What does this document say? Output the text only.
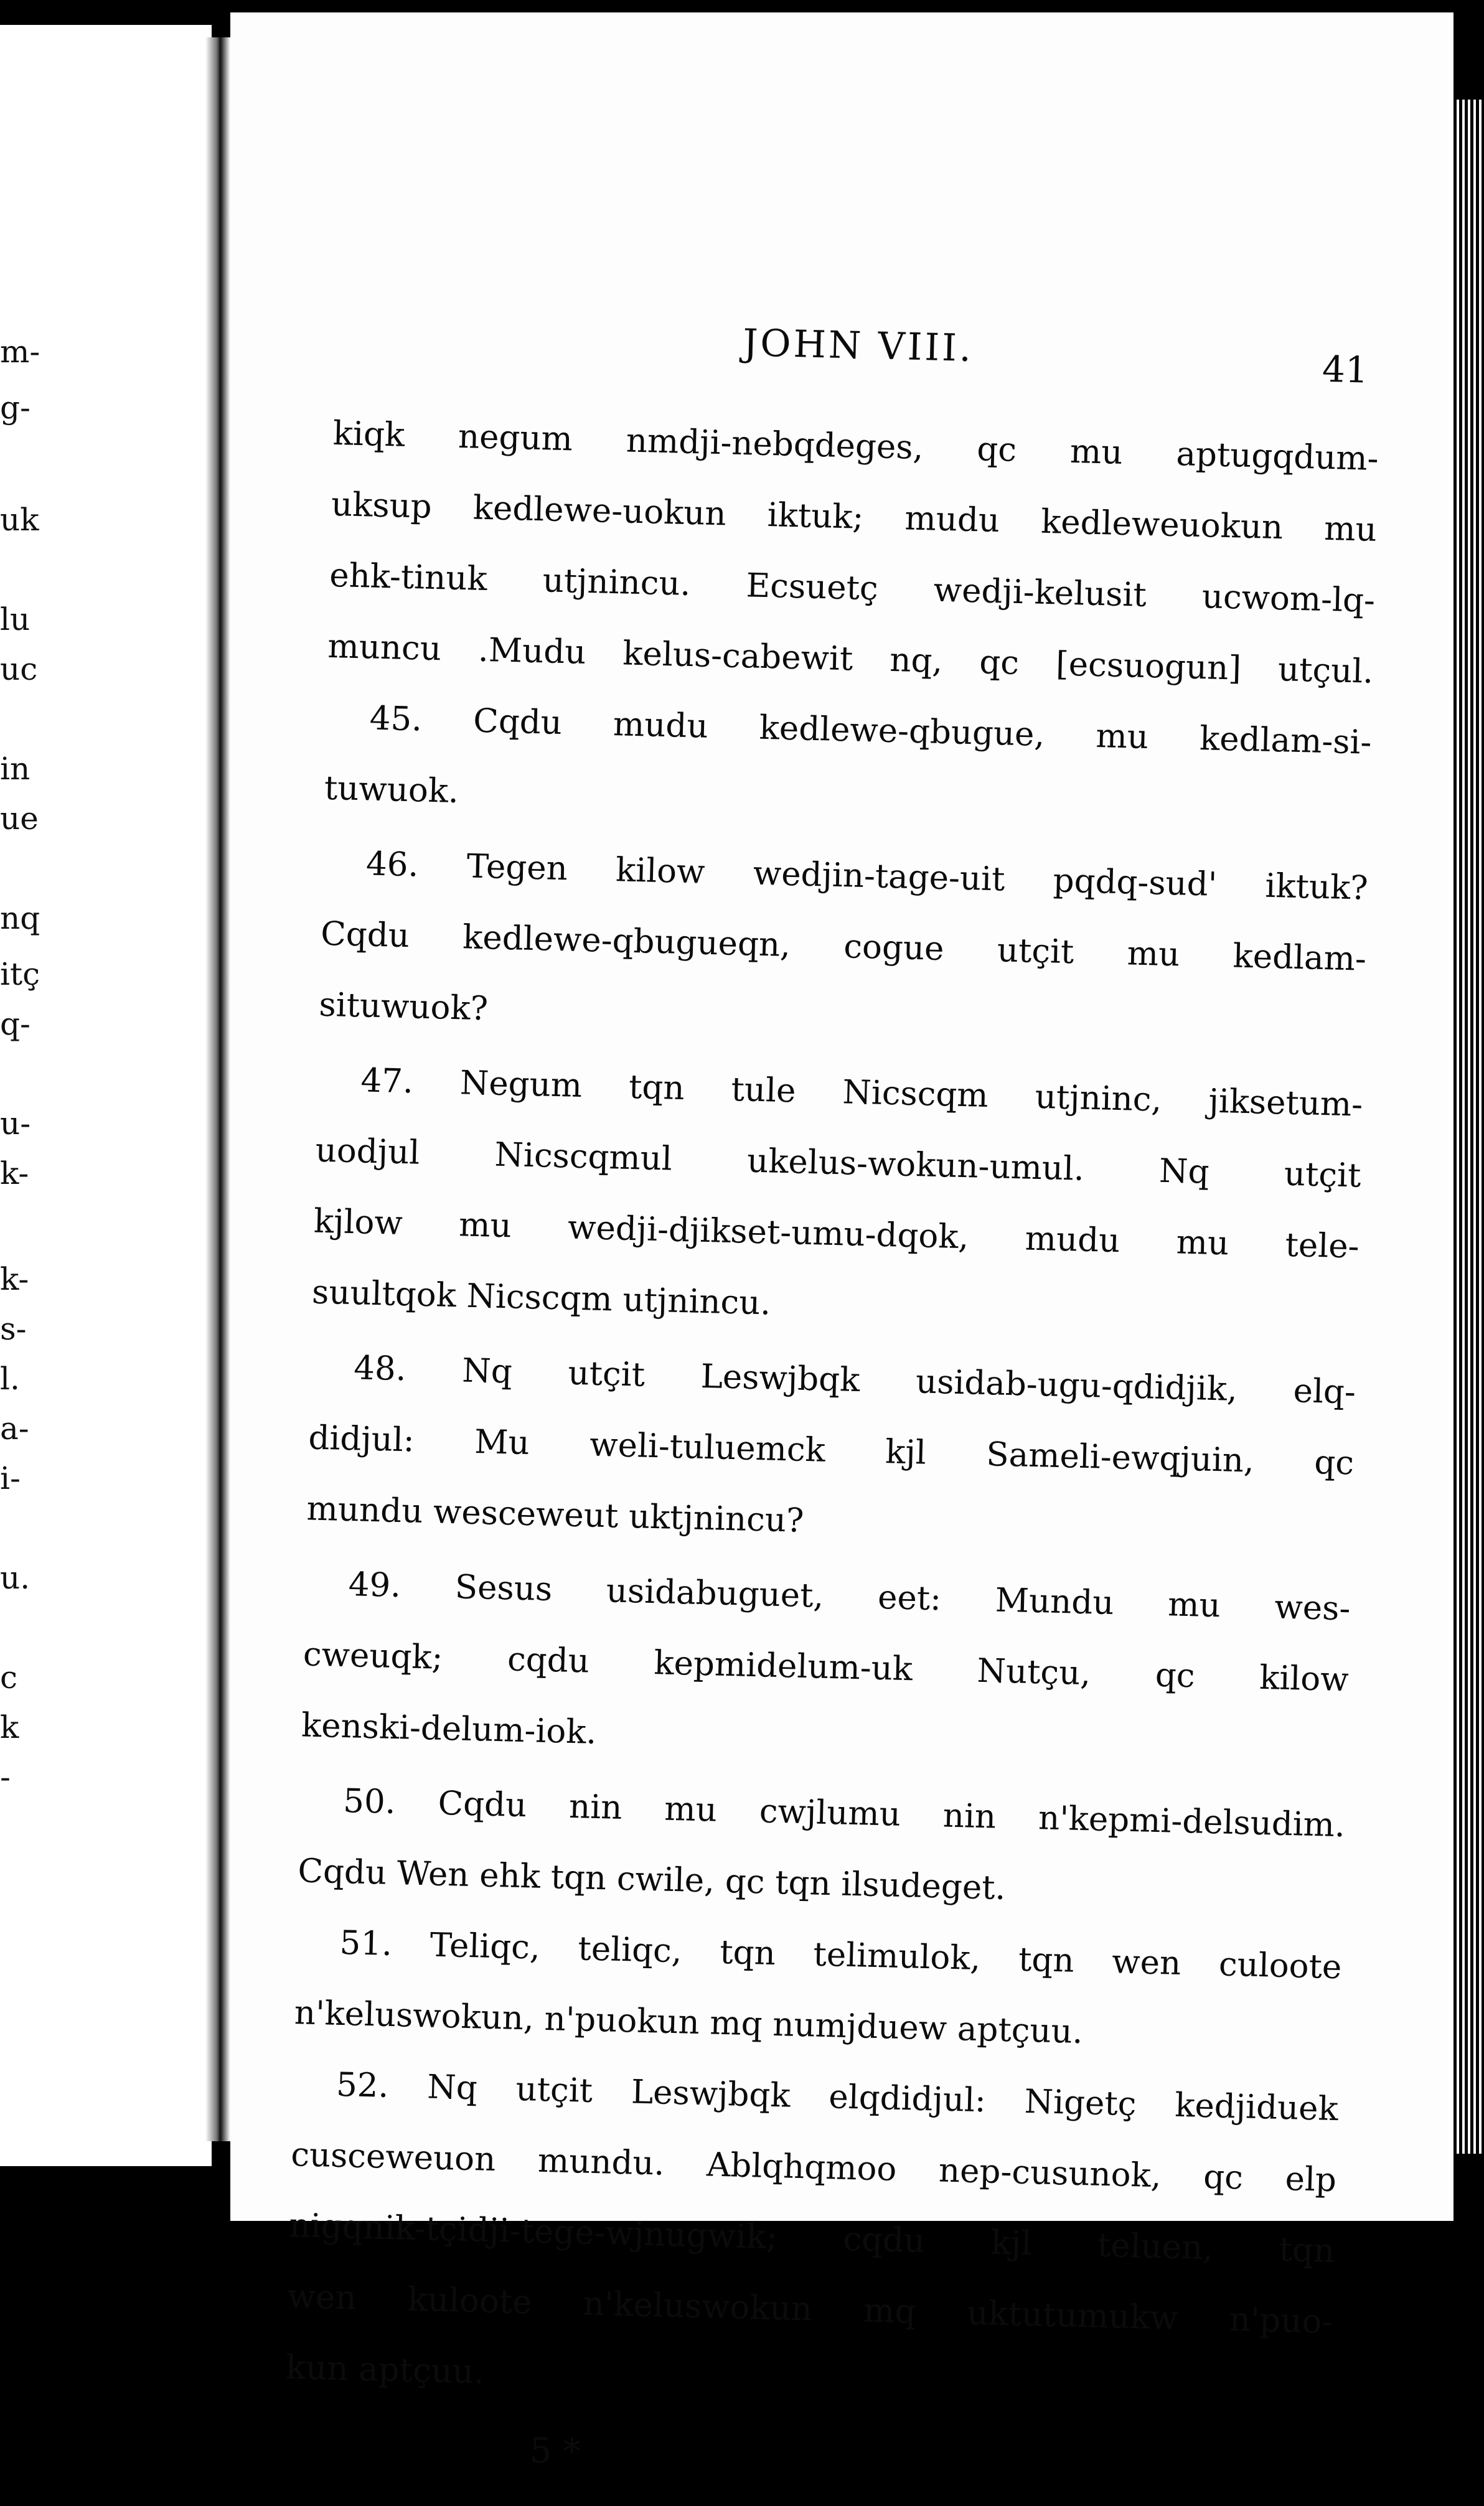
m-
g-
uk
lu
uc
in
ue
nq
itç
q-
u-
k-
k-
s-
l.
a-
i-
u.
c
k
-
JOHN VIII.	41
kiqk negum nmdji-nebqdeges, qc mu aptugqdum-
uksup kedlewe-uokun iktuk; mudu kedleweuokun mu
ehk-tinuk utjnincu. Ecsuetç wedji-kelusit ucwom-lq-
muncu .Mudu kelus-cabewit nq, qc [ecsuogun] utçul.
45. Cqdu mudu kedlewe-qbugue, mu kedlam-si-
tuwuok.
46. Tegen kilow wedjin-tage-uit pqdq-sud' iktuk?
Cqdu kedlewe-qbugueqn, cogue utçit mu kedlam-
situwuok?
47. Negum tqn tule Nicscqm utjninc, jiksetum-
uodjul Nicscqmul ukelus-wokun-umul. Nq utçit
kjlow mu wedji-djikset-umu-dqok, mudu mu tele-
suultqok Nicscqm utjnincu.
48. Nq utçit Leswjbqk usidab-ugu-qdidjik, elq-
didjul: Mu weli-tuluemck kjl Sameli-ewqjuin, qc
mundu wesceweut uktjnincu?
49. Sesus usidabuguet, eet: Mundu mu wes-
cweuqk; cqdu kepmidelum-uk Nutçu, qc kilow
kenski-delum-iok.
50. Cqdu nin mu cwjlumu nin n'kepmi-delsudim.
Cqdu Wen ehk tqn cwile, qc tqn ilsudeget.
51. Teliqc, teliqc, tqn telimulok, tqn wen culoote
n'keluswokun, n'puokun mq numjduew aptçuu.
52. Nq utçit Leswjbqk elqdidjul: Nigetç kedjiduek
cusceweuon mundu. Ablqhqmoo nep-cusunok, qc elp
nigqnik-tçidji-tege-wjnugwik; cqdu kjl teluen, tqn
wen kuloote n'keluswokun mq uktutumukw n'puo-
kun aptçuu.
5 *
